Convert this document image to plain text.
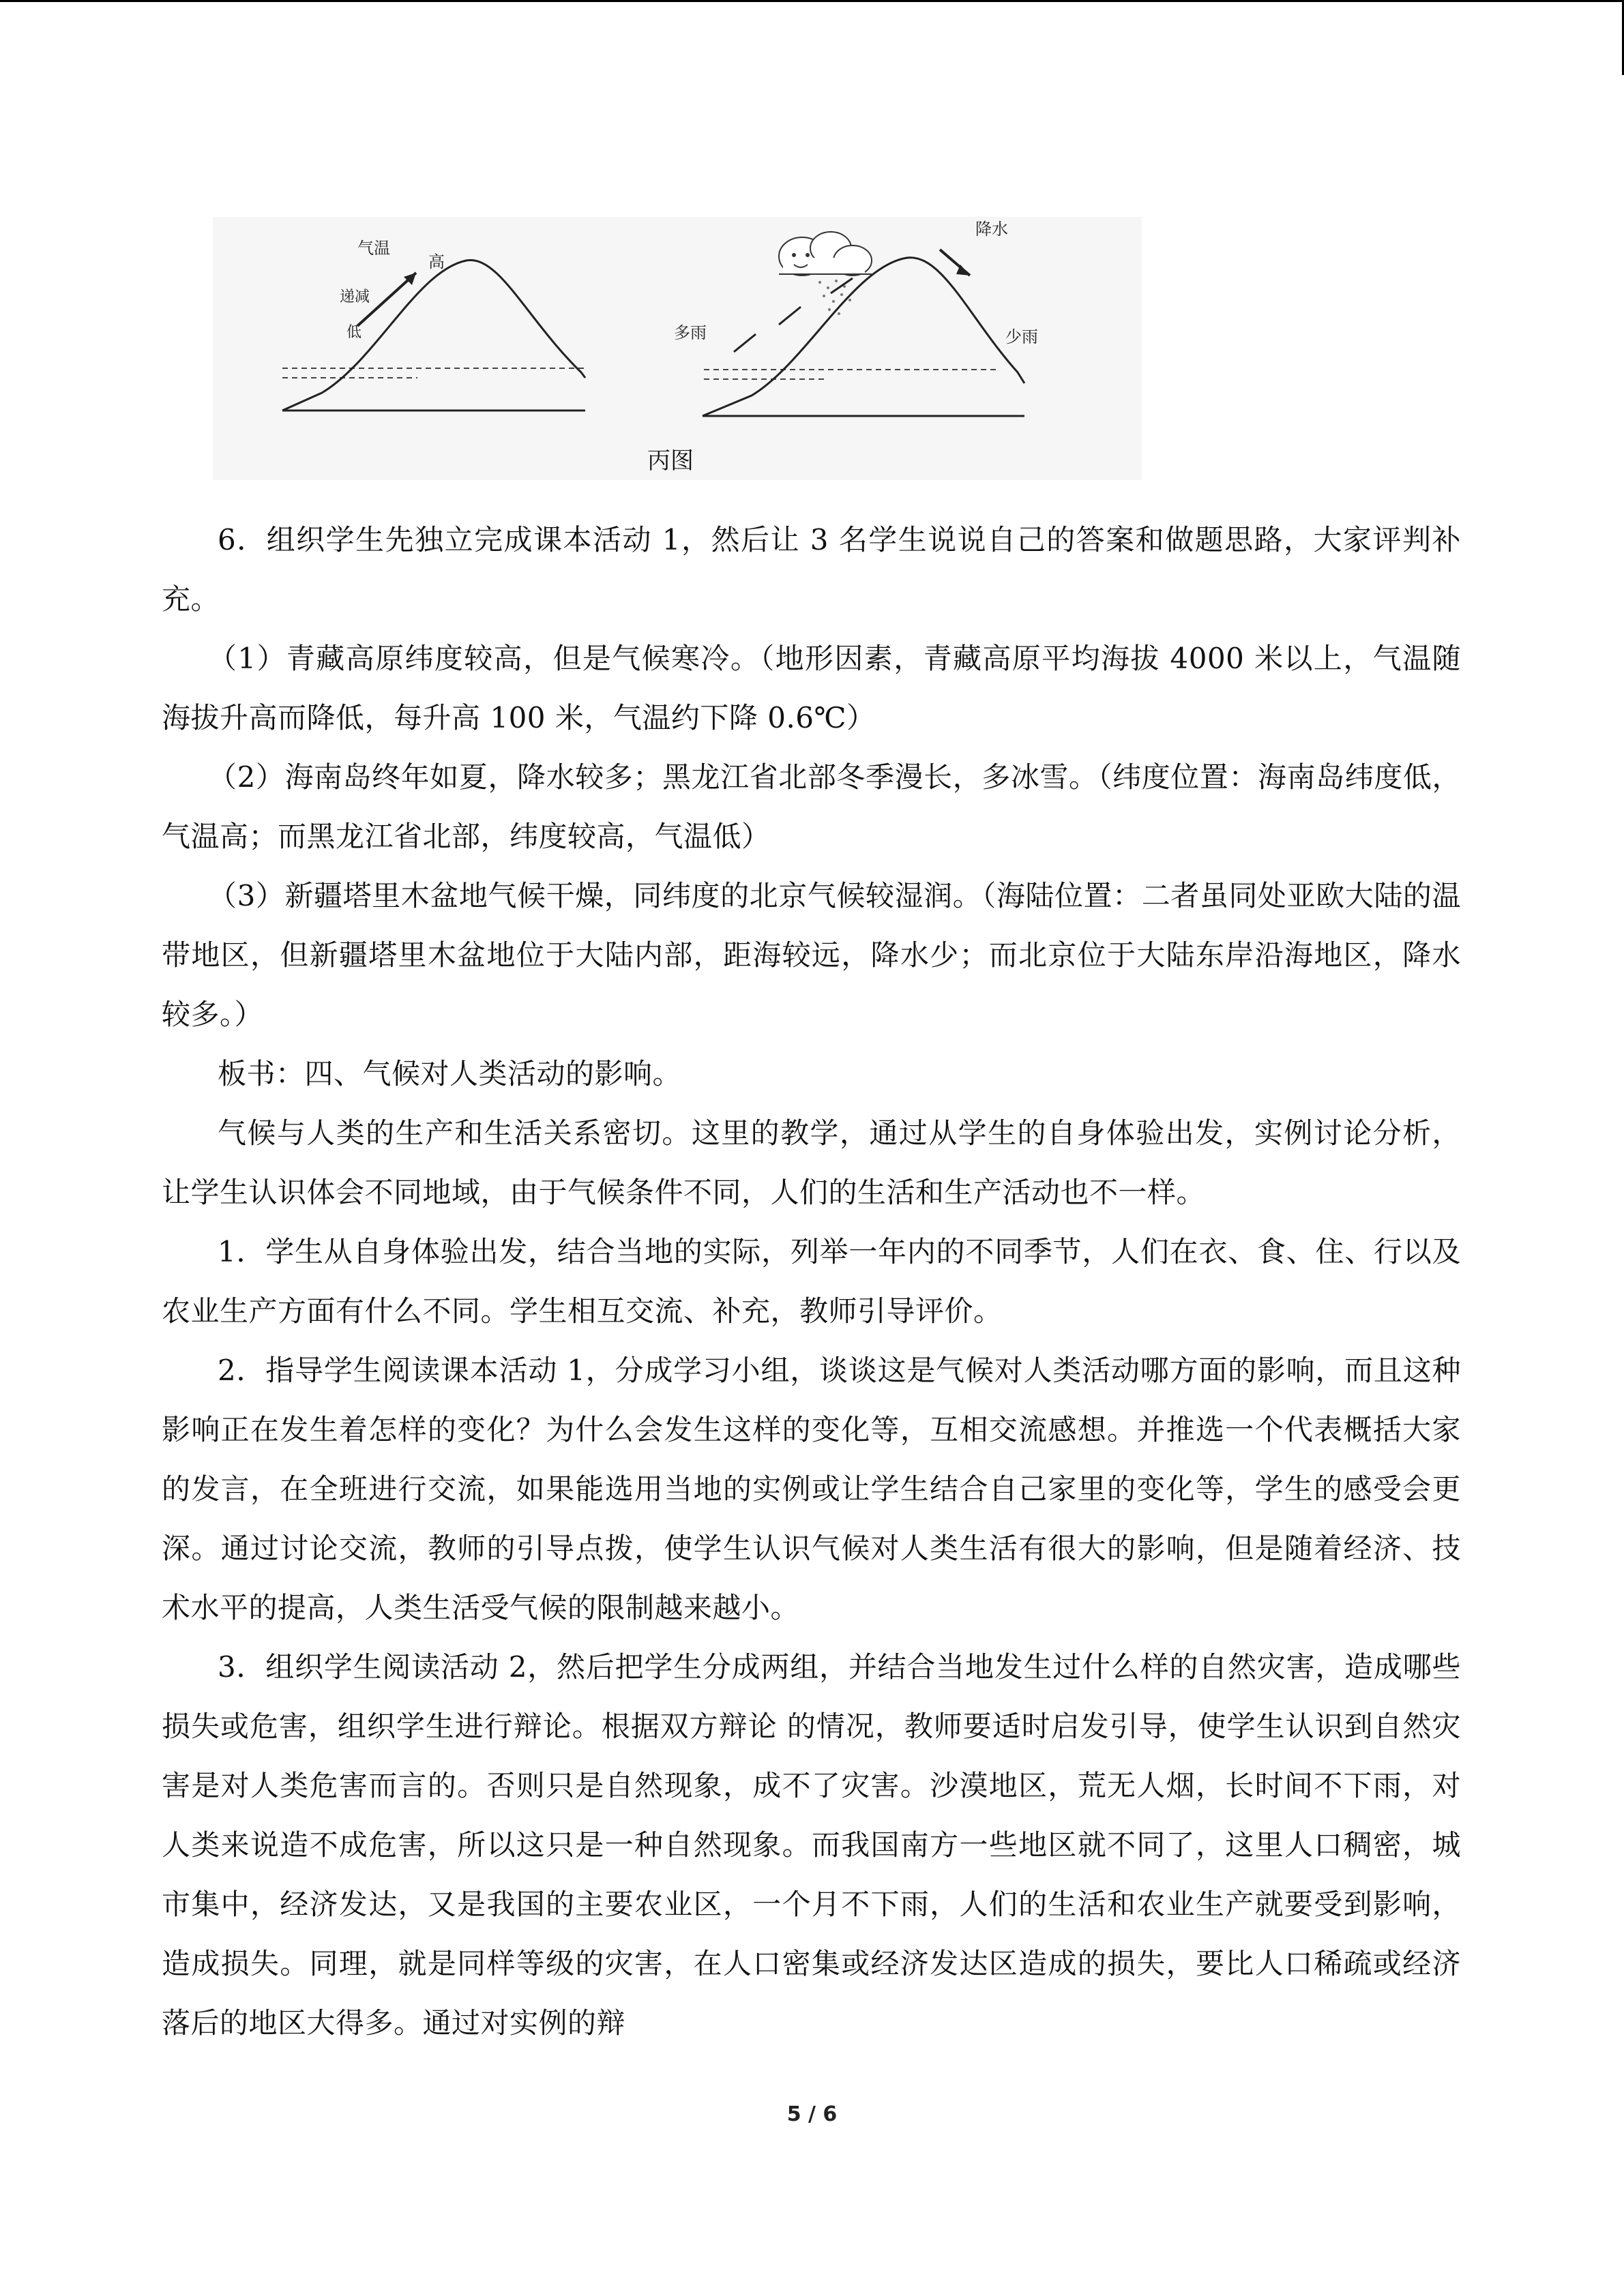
气温
高
递减
低
降水
多雨	少雨
丙图

6．组织学生先独立完成课本活动 1，然后让 3 名学生说说自己的答案和做题思路，大家评判补充。

（1）青藏高原纬度较高，但是气候寒冷。（地形因素，青藏高原平均海拔 4000 米以上，气温随海拔升高而降低，每升高 100 米，气温约下降 0.6℃）

（2）海南岛终年如夏，降水较多；黑龙江省北部冬季漫长，多冰雪。（纬度位置：海南岛纬度低，气温高；而黑龙江省北部，纬度较高，气温低）

（3）新疆塔里木盆地气候干燥，同纬度的北京气候较湿润。（海陆位置：二者虽同处亚欧大陆的温带地区，但新疆塔里木盆地位于大陆内部，距海较远，降水少；而北京位于大陆东岸沿海地区，降水较多。）

板书：四、气候对人类活动的影响。

气候与人类的生产和生活关系密切。这里的教学，通过从学生的自身体验出发，实例讨论分析，让学生认识体会不同地域，由于气候条件不同，人们的生活和生产活动也不一样。

1．学生从自身体验出发，结合当地的实际，列举一年内的不同季节，人们在衣、食、住、行以及农业生产方面有什么不同。学生相互交流、补充，教师引导评价。

2．指导学生阅读课本活动 1，分成学习小组，谈谈这是气候对人类活动哪方面的影响，而且这种影响正在发生着怎样的变化？为什么会发生这样的变化等，互相交流感想。并推选一个代表概括大家的发言，在全班进行交流，如果能选用当地的实例或让学生结合自己家里的变化等，学生的感受会更深。通过讨论交流，教师的引导点拨，使学生认识气候对人类生活有很大的影响，但是随着经济、技术水平的提高，人类生活受气候的限制越来越小。

3．组织学生阅读活动 2，然后把学生分成两组，并结合当地发生过什么样的自然灾害，造成哪些损失或危害，组织学生进行辩论。根据双方辩论 的情况，教师要适时启发引导，使学生认识到自然灾害是对人类危害而言的。否则只是自然现象，成不了灾害。沙漠地区，荒无人烟，长时间不下雨，对人类来说造不成危害，所以这只是一种自然现象。而我国南方一些地区就不同了，这里人口稠密，城市集中，经济发达，又是我国的主要农业区，一个月不下雨，人们的生活和农业生产就要受到影响，造成损失。同理，就是同样等级的灾害，在人口密集或经济发达区造成的损失，要比人口稀疏或经济落后的地区大得多。通过对实例的辩

5 / 6
